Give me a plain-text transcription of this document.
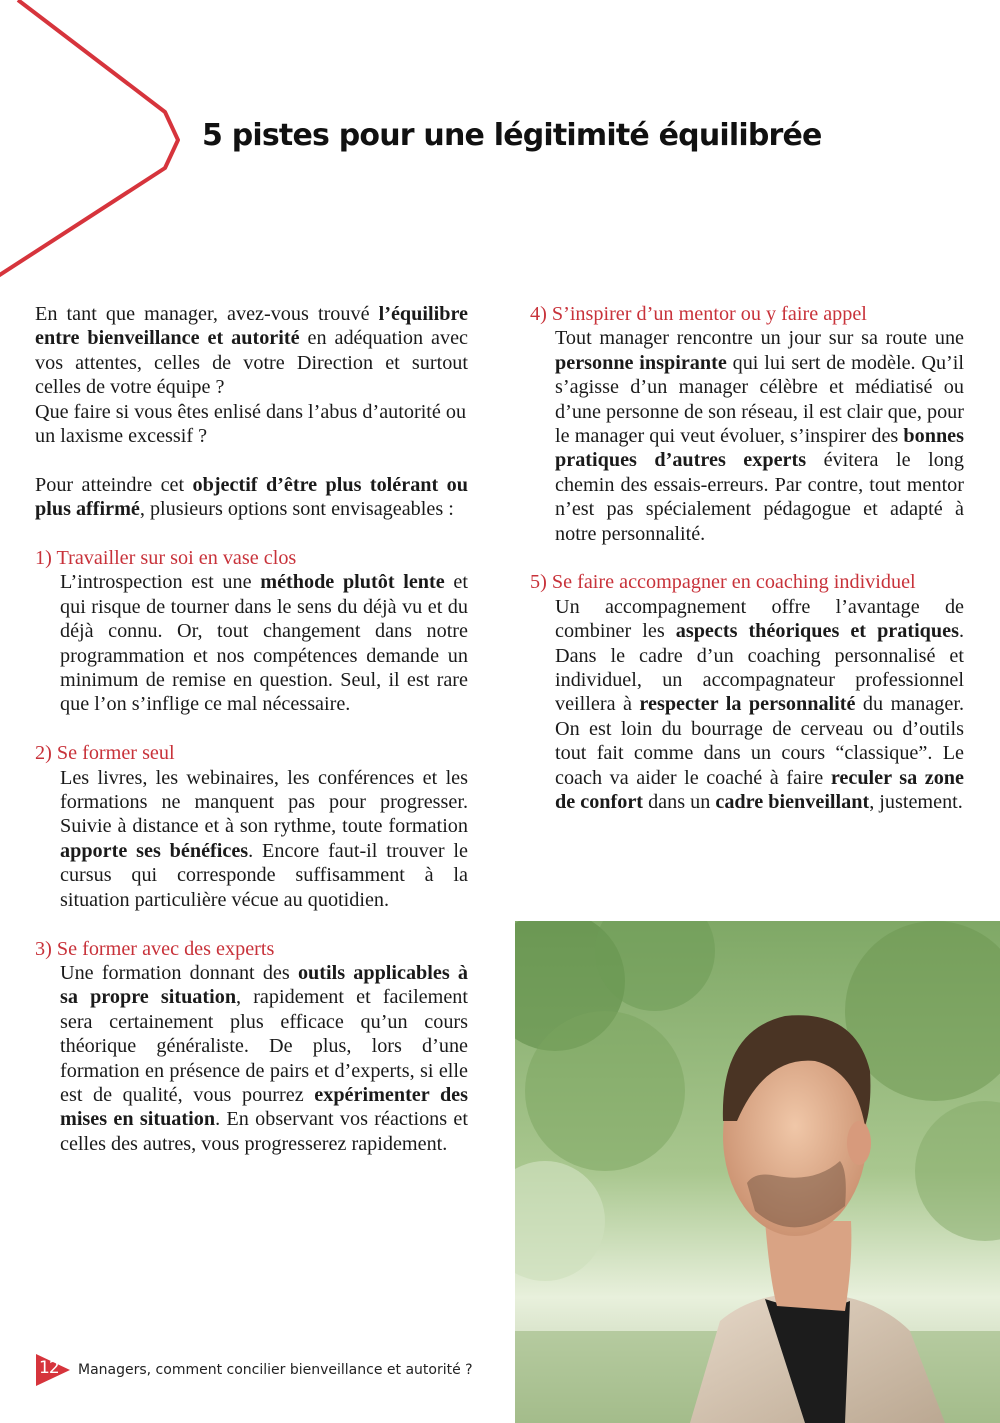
5 pistes pour une légitimité équilibrée

En tant que manager, avez-vous trouvé l’équilibre entre bienveillance et autorité en adéquation avec vos attentes, celles de votre Direction et surtout celles de votre équipe ?

Que faire si vous êtes enlisé dans l’abus d’autorité ou un laxisme excessif ?

Pour atteindre cet objectif d’être plus tolérant ou plus affirmé, plusieurs options sont envisageables :

1) Travailler sur soi en vase clos
L’introspection est une méthode plutôt lente et qui risque de tourner dans le sens du déjà vu et du déjà connu. Or, tout changement dans notre programmation et nos compétences demande un minimum de remise en question. Seul, il est rare que l’on s’inflige ce mal nécessaire.
2) Se former seul
Les livres, les webinaires, les conférences et les formations ne manquent pas pour progresser. Suivie à distance et à son rythme, toute formation apporte ses bénéfices. Encore faut-il trouver le cursus qui corresponde suffisamment à la situation particulière vécue au quotidien.
3) Se former avec des experts
Une formation donnant des outils applicables à sa propre situation, rapidement et facilement sera certainement plus efficace qu’un cours théorique généraliste. De plus, lors d’une formation en présence de pairs et d’experts, si elle est de qualité, vous pourrez expérimenter des mises en situation. En observant vos réactions et celles des autres, vous progresserez rapidement.
4) S’inspirer d’un mentor ou y faire appel
Tout manager rencontre un jour sur sa route une personne inspirante qui lui sert de modèle. Qu’il s’agisse d’un manager célèbre et médiatisé ou d’une personne de son réseau, il est clair que, pour le manager qui veut évoluer, s’inspirer des bonnes pratiques d’autres experts évitera le long chemin des essais-erreurs. Par contre, tout mentor n’est pas spécialement pédagogue et adapté à notre personnalité.
5) Se faire accompagner en coaching individuel
Un accompagnement offre l’avantage de combiner les aspects théoriques et pratiques. Dans le cadre d’un coaching personnalisé et individuel, un accompagnateur professionnel veillera à respecter la personnalité du manager. On est loin du bourrage de cerveau ou d’outils tout fait comme dans un cours “classique”. Le coach va aider le coaché à faire reculer sa zone de confort dans un cadre bienveillant, justement.
12 Managers, comment concilier bienveillance et autorité ?
